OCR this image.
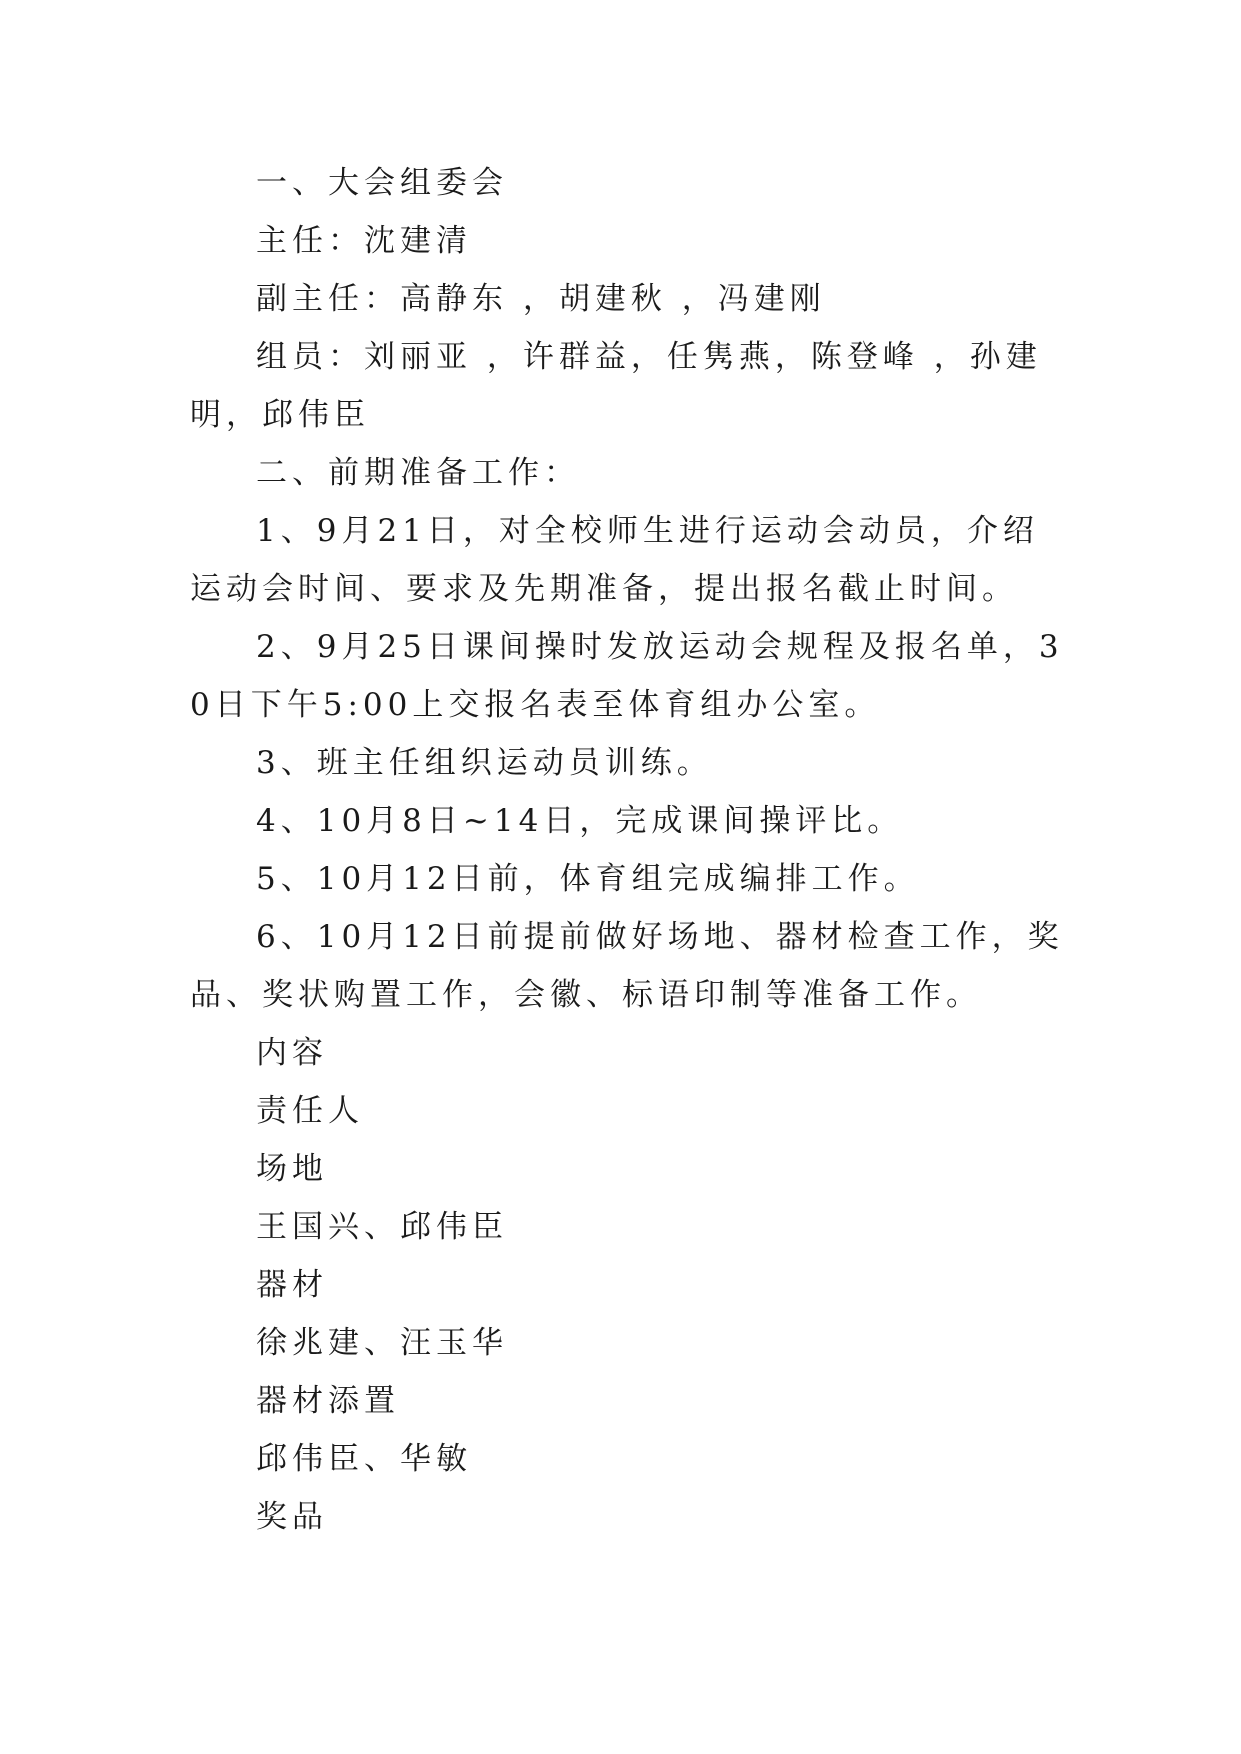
一、大会组委会

主任：沈建清

副主任：高静东 ，胡建秋 ，冯建刚

组员：刘丽亚 ，许群益，任隽燕，陈登峰 ，孙建明，邱伟臣

二、前期准备工作：

1、9月21日，对全校师生进行运动会动员，介绍运动会时间、要求及先期准备，提出报名截止时间。

2、9月25日课间操时发放运动会规程及报名单，30日下午5:00上交报名表至体育组办公室。

3、班主任组织运动员训练。

4、10月8日~14日，完成课间操评比。

5、10月12日前，体育组完成编排工作。

6、10月12日前提前做好场地、器材检查工作，奖品、奖状购置工作，会徽、标语印制等准备工作。

内容

责任人

场地

王国兴、邱伟臣

器材

徐兆建、汪玉华

器材添置

邱伟臣、华敏

奖品
